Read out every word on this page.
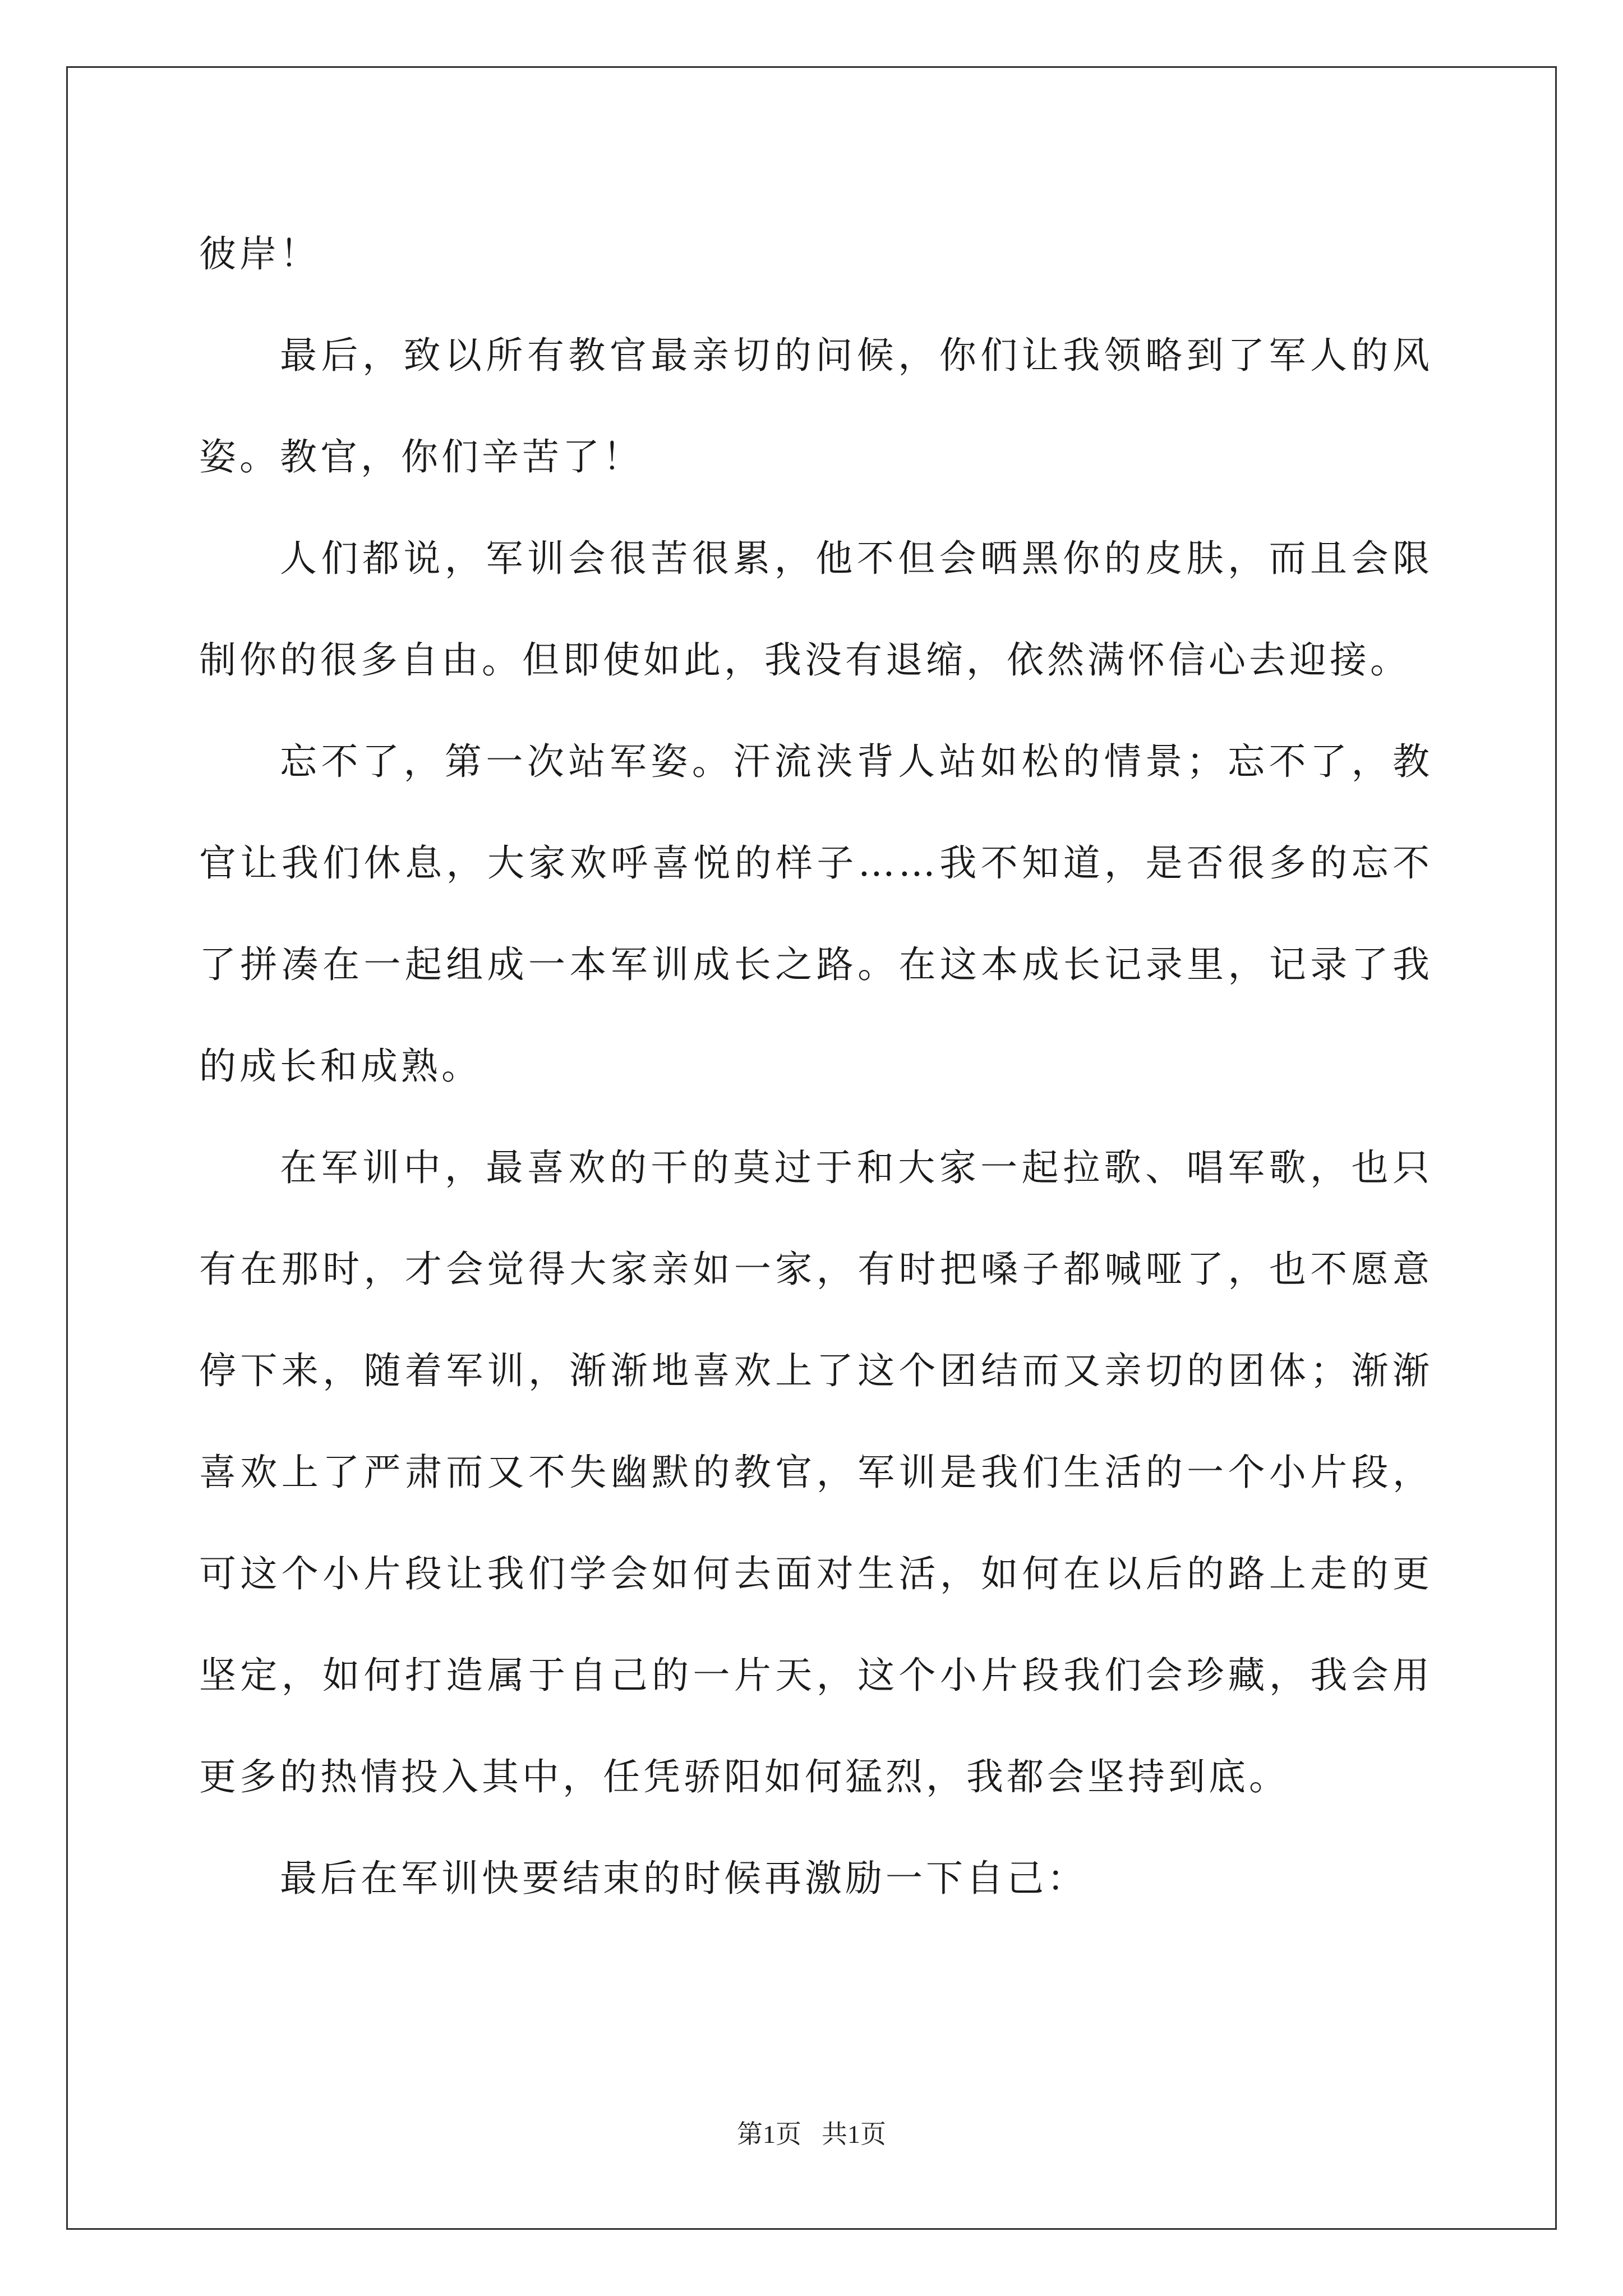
彼岸！

最后，致以所有教官最亲切的问候，你们让我领略到了军人的风姿。教官，你们辛苦了！

人们都说，军训会很苦很累，他不但会晒黑你的皮肤，而且会限制你的很多自由。但即使如此，我没有退缩，依然满怀信心去迎接。

忘不了，第一次站军姿。汗流浃背人站如松的情景；忘不了，教官让我们休息，大家欢呼喜悦的样子……我不知道，是否很多的忘不了拼凑在一起组成一本军训成长之路。在这本成长记录里，记录了我的成长和成熟。

在军训中，最喜欢的干的莫过于和大家一起拉歌、唱军歌，也只有在那时，才会觉得大家亲如一家，有时把嗓子都喊哑了，也不愿意停下来，随着军训，渐渐地喜欢上了这个团结而又亲切的团体；渐渐喜欢上了严肃而又不失幽默的教官，军训是我们生活的一个小片段，可这个小片段让我们学会如何去面对生活，如何在以后的路上走的更坚定，如何打造属于自己的一片天，这个小片段我们会珍藏，我会用更多的热情投入其中，任凭骄阳如何猛烈，我都会坚持到底。

最后在军训快要结束的时候再激励一下自己：

第1页 共1页
